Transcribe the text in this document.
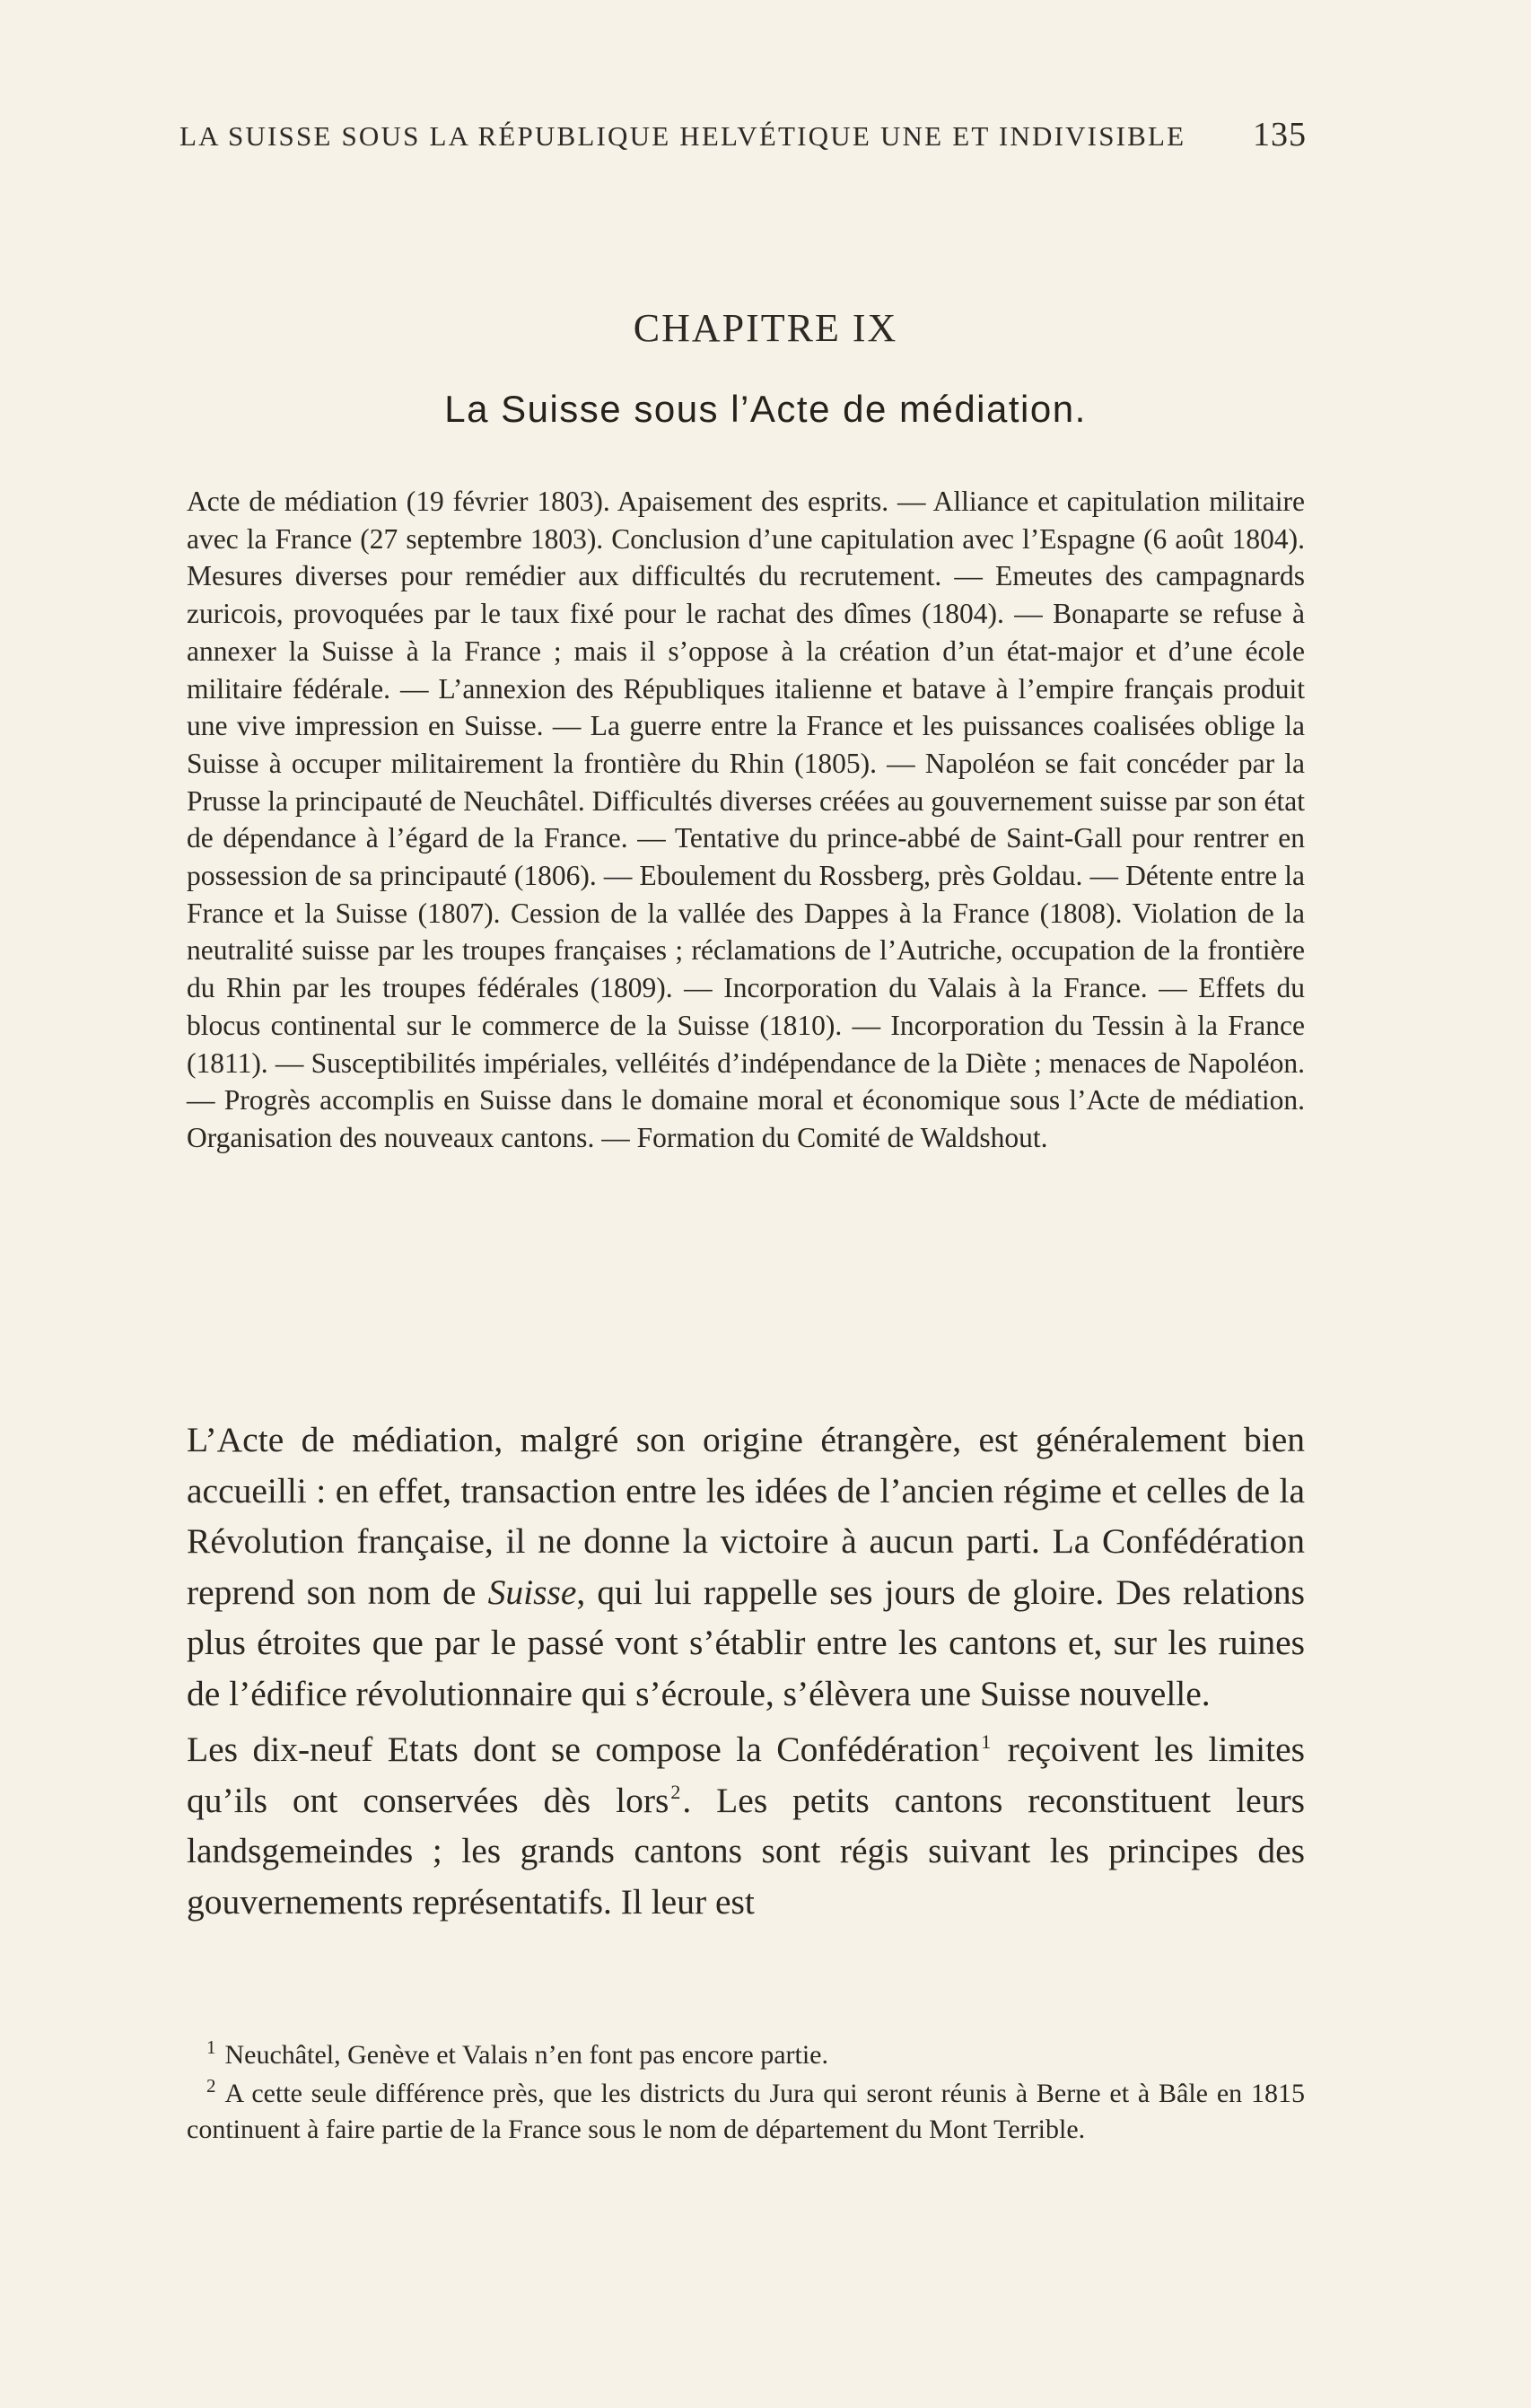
LA SUISSE SOUS LA RÉPUBLIQUE HELVÉTIQUE UNE ET INDIVISIBLE 135
CHAPITRE IX
La Suisse sous l’Acte de médiation.

Acte de médiation (19 février 1803). Apaisement des esprits. — Alliance et capitulation militaire avec la France (27 septembre 1803). Conclusion d’une capitulation avec l’Espagne (6 août 1804). Mesures diverses pour remédier aux difficultés du recrutement. — Emeutes des campagnards zuricois, provoquées par le taux fixé pour le rachat des dîmes (1804). — Bonaparte se refuse à annexer la Suisse à la France ; mais il s’oppose à la création d’un état-major et d’une école militaire fédérale. — L’annexion des Républiques italienne et batave à l’empire français produit une vive impression en Suisse. — La guerre entre la France et les puissances coalisées oblige la Suisse à occuper militairement la frontière du Rhin (1805). — Napoléon se fait concéder par la Prusse la principauté de Neuchâtel. Difficultés diverses créées au gouvernement suisse par son état de dépendance à l’égard de la France. — Tentative du prince-abbé de Saint-Gall pour rentrer en possession de sa principauté (1806). — Eboulement du Rossberg, près Goldau. — Détente entre la France et la Suisse (1807). Cession de la vallée des Dappes à la France (1808). Violation de la neutralité suisse par les troupes françaises ; réclamations de l’Autriche, occupation de la frontière du Rhin par les troupes fédérales (1809). — Incorporation du Valais à la France. — Effets du blocus continental sur le commerce de la Suisse (1810). — Incorporation du Tessin à la France (1811). — Susceptibilités impériales, velléités d’indépendance de la Diète ; menaces de Napoléon. — Progrès accomplis en Suisse dans le domaine moral et économique sous l’Acte de médiation. Organisation des nouveaux cantons. — Formation du Comité de Waldshout.

L’Acte de médiation, malgré son origine étrangère, est généralement bien accueilli : en effet, transaction entre les idées de l’ancien régime et celles de la Révolution française, il ne donne la victoire à aucun parti. La Confédération reprend son nom de Suisse, qui lui rappelle ses jours de gloire. Des relations plus étroites que par le passé vont s’établir entre les cantons et, sur les ruines de l’édifice révolutionnaire qui s’écroule, s’élèvera une Suisse nouvelle.

Les dix-neuf Etats dont se compose la Confédération$^1$ reçoivent les limites qu’ils ont conservées dès lors$^2$. Les petits cantons reconstituent leurs landsgemeindes ; les grands cantons sont régis suivant les principes des gouvernements représentatifs. Il leur est

1 Neuchâtel, Genève et Valais n’en font pas encore partie.

2 A cette seule différence près, que les districts du Jura qui seront réunis à Berne et à Bâle en 1815 continuent à faire partie de la France sous le nom de département du Mont Terrible.
